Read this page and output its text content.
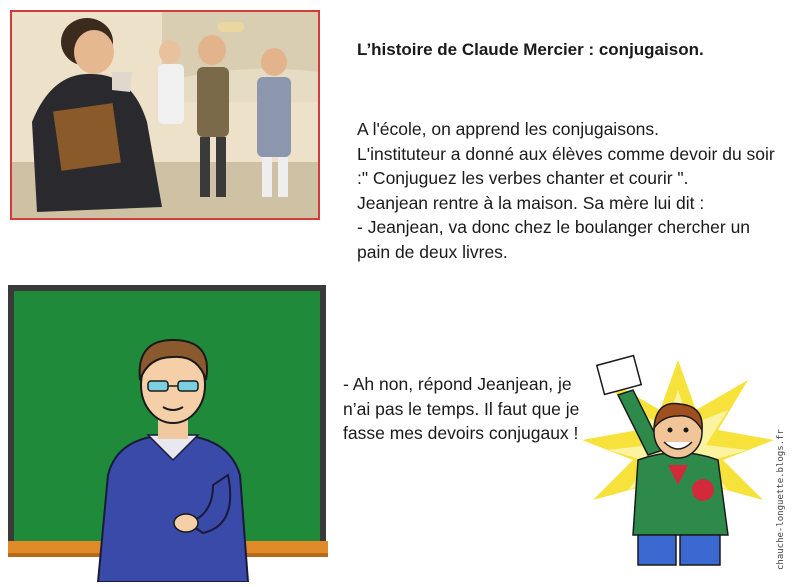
L’histoire de Claude Mercier : conjugaison.
A l'école, on apprend les conjugaisons.
L'instituteur a donné aux élèves comme devoir du soir :" Conjuguez les verbes chanter et courir ".
Jeanjean rentre à la maison. Sa mère lui dit :
- Jeanjean, va donc chez le boulanger chercher un pain de deux livres.
- Ah non, répond Jeanjean, je n’ai pas le temps. Il faut que je fasse mes devoirs conjugaux !	chauche-longuette.blogs.fr
